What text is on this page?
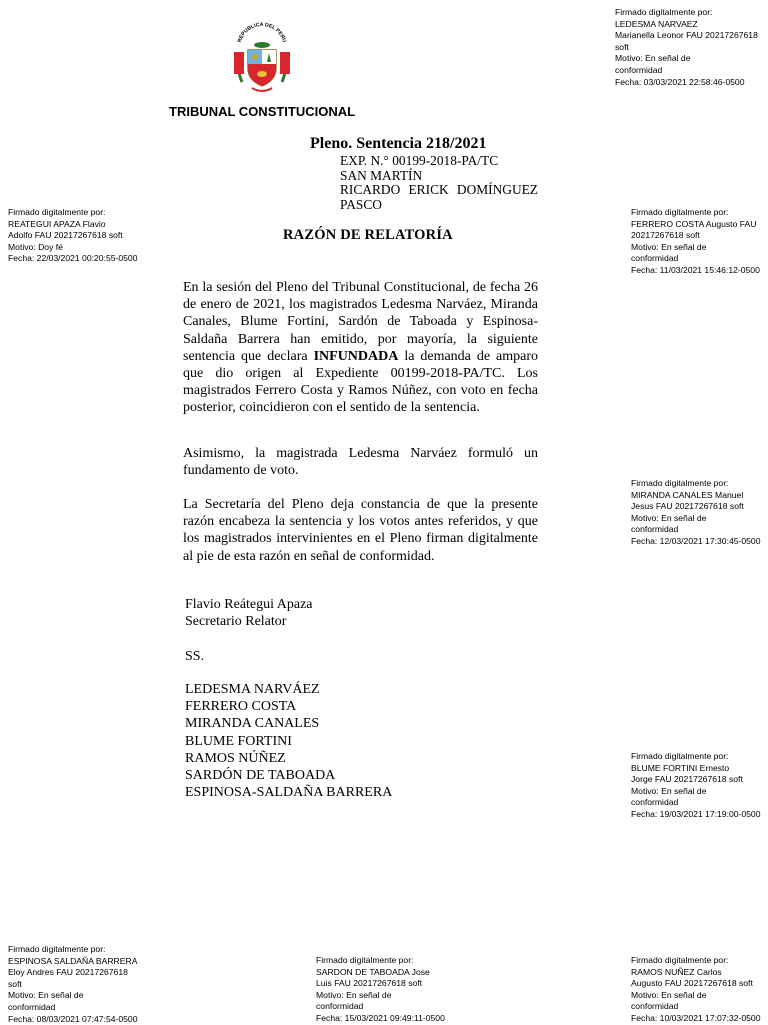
REPUBLICA DEL PERU
TRIBUNAL CONSTITUCIONAL
Pleno. Sentencia 218/2021
EXP. N.° 00199-2018-PA/TC
SAN MARTÍN
RICARDO ERICK DOMÍNGUEZ
PASCO
RAZÓN DE RELATORÍA
En la sesión del Pleno del Tribunal Constitucional, de fecha 26 de enero de 2021, los magistrados Ledesma Narváez, Miranda Canales, Blume Fortini, Sardón de Taboada y Espinosa-Saldaña Barrera han emitido, por mayoría, la siguiente sentencia que declara INFUNDADA la demanda de amparo que dio origen al Expediente 00199-2018-PA/TC. Los magistrados Ferrero Costa y Ramos Núñez, con voto en fecha posterior, coincidieron con el sentido de la sentencia.
Asimismo, la magistrada Ledesma Narváez formuló un fundamento de voto.
La Secretaría del Pleno deja constancia de que la presente razón encabeza la sentencia y los votos antes referidos, y que los magistrados intervinientes en el Pleno firman digitalmente al pie de esta razón en señal de conformidad.
Flavio Reátegui Apaza
Secretario Relator
SS.
LEDESMA NARVÁEZ
FERRERO COSTA
MIRANDA CANALES
BLUME FORTINI
RAMOS NÚÑEZ
SARDÓN DE TABOADA
ESPINOSA-SALDAÑA BARRERA
Firmado digitalmente por:
LEDESMA NARVAEZ
Marianella Leonor FAU 20217267618
soft
Motivo: En señal de
conformidad
Fecha: 03/03/2021 22:58:46-0500
Firmado digitalmente por:
REATEGUI APAZA Flavio
Adolfo FAU 20217267618 soft
Motivo: Doy fé
Fecha: 22/03/2021 00:20:55-0500
Firmado digitalmente por:
FERRERO COSTA Augusto FAU
20217267618 soft
Motivo: En señal de
conformidad
Fecha: 11/03/2021 15:46:12-0500
Firmado digitalmente por:
MIRANDA CANALES Manuel
Jesus FAU 20217267618 soft
Motivo: En señal de
conformidad
Fecha: 12/03/2021 17:30:45-0500
Firmado digitalmente por:
BLUME FORTINI Ernesto
Jorge FAU 20217267618 soft
Motivo: En señal de
conformidad
Fecha: 19/03/2021 17:19:00-0500
Firmado digitalmente por:
ESPINOSA SALDAÑA BARRERA
Eloy Andres FAU 20217267618
soft
Motivo: En señal de
conformidad
Fecha: 08/03/2021 07:47:54-0500
Firmado digitalmente por:
SARDON DE TABOADA Jose
Luis FAU 20217267618 soft
Motivo: En señal de
conformidad
Fecha: 15/03/2021 09:49:11-0500
Firmado digitalmente por:
RAMOS NUÑEZ Carlos
Augusto FAU 20217267618 soft
Motivo: En señal de
conformidad
Fecha: 10/03/2021 17:07:32-0500
